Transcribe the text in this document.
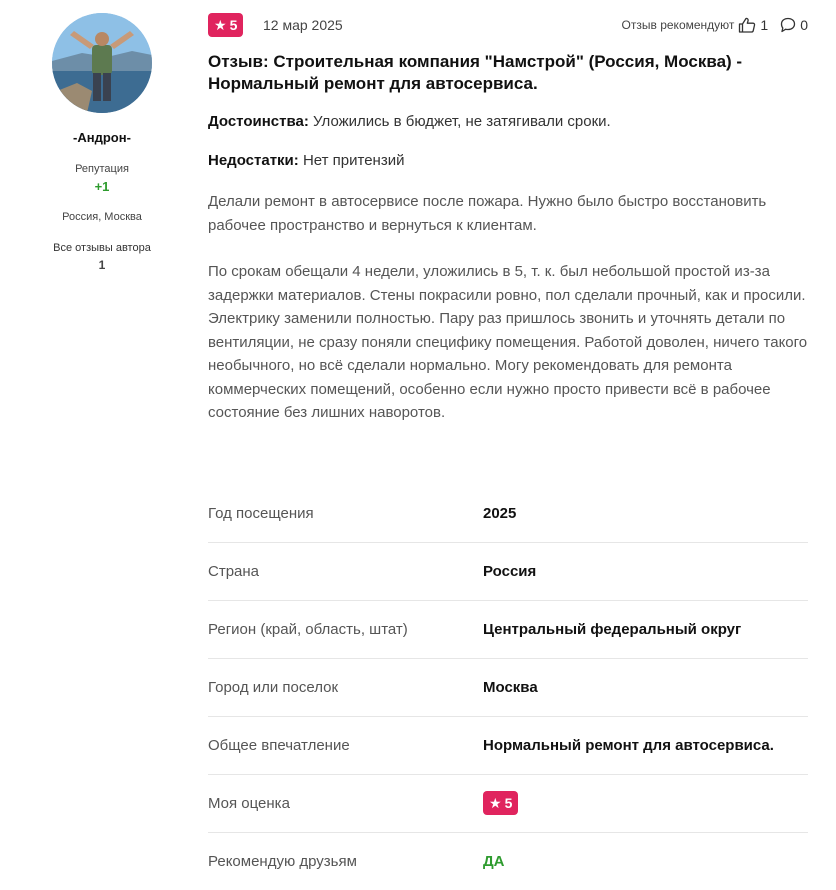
-Андрон-
Репутация
+1
Россия, Москва
Все отзывы автора
1
★ 5 12 мар 2025	Отзыв рекомендуют 1 0
Отзыв: Строительная компания "Намстрой" (Россия, Москва) - Нормальный ремонт для автосервиса.
Достоинства: Уложились в бюджет, не затягивали сроки.
Недостатки: Нет притензий

Делали ремонт в автосервисе после пожара. Нужно было быстро восстановить рабочее пространство и вернуться к клиентам.

По срокам обещали 4 недели, уложились в 5, т. к. был небольшой простой из-за задержки материалов. Стены покрасили ровно, пол сделали прочный, как и просили. Электрику заменили полностью. Пару раз пришлось звонить и уточнять детали по вентиляции, не сразу поняли специфику помещения. Работой доволен, ничего такого необычного, но всё сделали нормально. Могу рекомендовать для ремонта коммерческих помещений, особенно если нужно просто привести всё в рабочее состояние без лишних наворотов.

Год посещения	2025
Страна	Россия
Регион (край, область, штат)	Центральный федеральный округ
Город или поселок	Москва
Общее впечатление	Нормальный ремонт для автосервиса.
Моя оценка	★ 5
Рекомендую друзьям	ДА
